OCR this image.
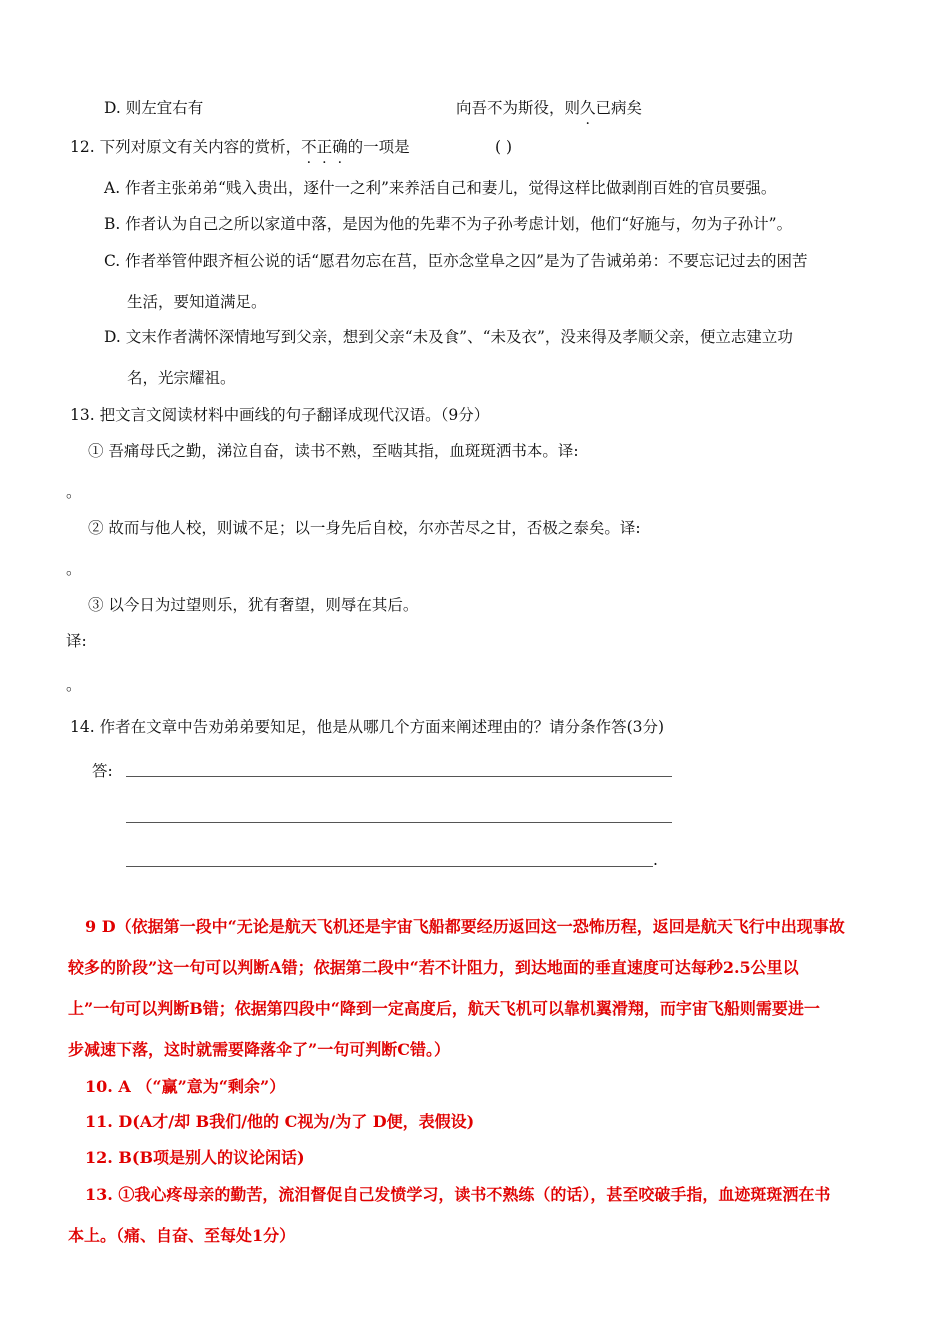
D. 则左宜右有	向吾不为斯役，则久已病矣
12. 下列对原文有关内容的赏析，不正确的一项是	( )
A. 作者主张弟弟“贱入贵出，逐什一之利”来养活自己和妻儿，觉得这样比做剥削百姓的官员要强。
B. 作者认为自己之所以家道中落，是因为他的先辈不为子孙考虑计划，他们“好施与，勿为子孙计”。
C. 作者举管仲跟齐桓公说的话“愿君勿忘在莒，臣亦念堂阜之囚”是为了告诫弟弟：不要忘记过去的困苦
生活，要知道满足。
D. 文末作者满怀深情地写到父亲，想到父亲“未及食”、“未及衣”，没来得及孝顺父亲，便立志建立功
名，光宗耀祖。
13. 把文言文阅读材料中画线的句子翻译成现代汉语。（9分）
① 吾痛母氏之勤，涕泣自奋，读书不熟，至啮其指，血斑斑洒书本。译:
。
② 故而与他人校，则诚不足；以一身先后自校，尔亦苦尽之甘，否极之泰矣。译:
。
③ 以今日为过望则乐，犹有奢望，则辱在其后。
译:
。
14. 作者在文章中告劝弟弟要知足，他是从哪几个方面来阐述理由的？请分条作答(3分)
答:
.
9 D（依据第一段中“无论是航天飞机还是宇宙飞船都要经历返回这一恐怖历程，返回是航天飞行中出现事故
较多的阶段”这一句可以判断A错；依据第二段中“若不计阻力，到达地面的垂直速度可达每秒2.5公里以
上”一句可以判断B错；依据第四段中“降到一定高度后，航天飞机可以靠机翼滑翔，而宇宙飞船则需要进一
步减速下落，这时就需要降落伞了”一句可判断C错。）
10. A （“赢”意为“剩余”）
11. D(A才/却 B我们/他的 C视为/为了 D便，表假设)
12. B(B项是别人的议论闲话)
13. ①我心疼母亲的勤苦，流泪督促自己发愤学习，读书不熟练（的话），甚至咬破手指，血迹斑斑洒在书
本上。（痛、自奋、至每处1分）
